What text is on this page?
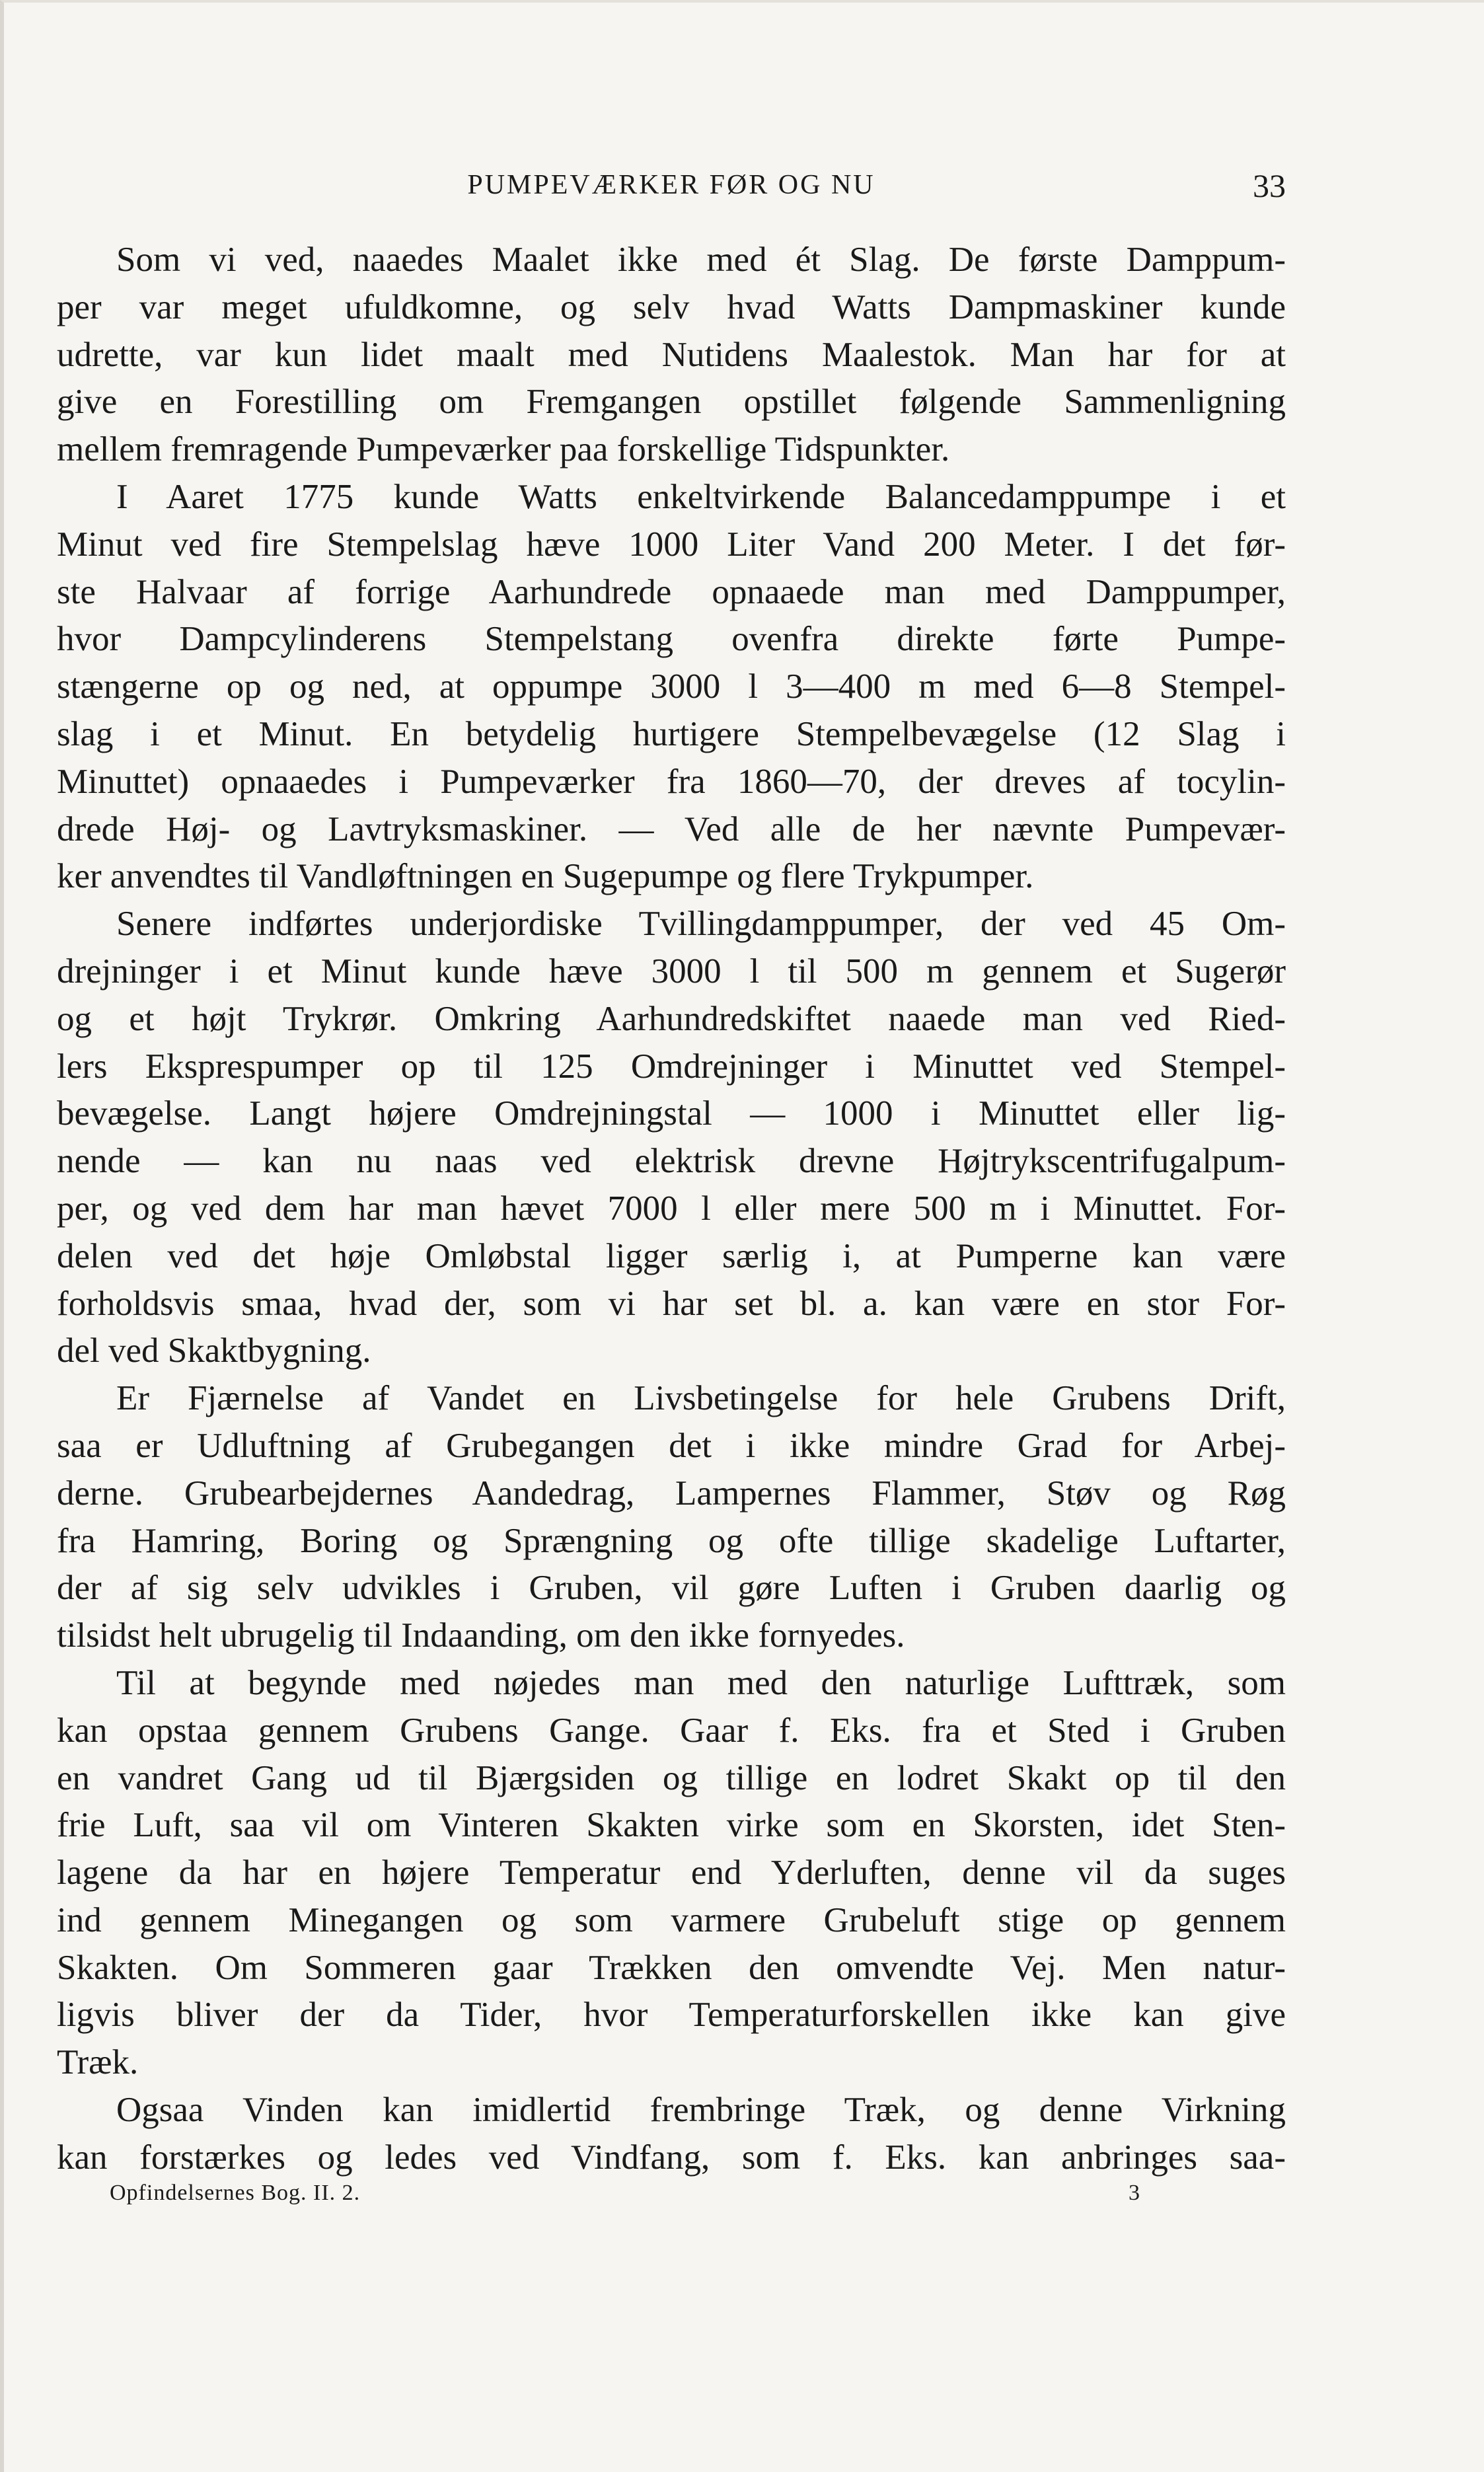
PUMPEVÆRKER FØR OG NU	33
Som vi ved, naaedes Maalet ikke med ét Slag. De første Damppum-
per var meget ufuldkomne, og selv hvad Watts Dampmaskiner kunde
udrette, var kun lidet maalt med Nutidens Maalestok. Man har for at
give en Forestilling om Fremgangen opstillet følgende Sammenligning
mellem fremragende Pumpeværker paa forskellige Tidspunkter.
I Aaret 1775 kunde Watts enkeltvirkende Balancedamppumpe i et
Minut ved fire Stempelslag hæve 1000 Liter Vand 200 Meter. I det før-
ste Halvaar af forrige Aarhundrede opnaaede man med Damppumper,
hvor Dampcylinderens Stempelstang ovenfra direkte førte Pumpe-
stængerne op og ned, at oppumpe 3000 l 3—400 m med 6—8 Stempel-
slag i et Minut. En betydelig hurtigere Stempelbevægelse (12 Slag i
Minuttet) opnaaedes i Pumpeværker fra 1860—70, der dreves af tocylin-
drede Høj- og Lavtryksmaskiner. — Ved alle de her nævnte Pumpevær-
ker anvendtes til Vandløftningen en Sugepumpe og flere Trykpumper.
Senere indførtes underjordiske Tvillingdamppumper, der ved 45 Om-
drejninger i et Minut kunde hæve 3000 l til 500 m gennem et Sugerør
og et højt Trykrør. Omkring Aarhundredskiftet naaede man ved Ried-
lers Eksprespumper op til 125 Omdrejninger i Minuttet ved Stempel-
bevægelse. Langt højere Omdrejningstal — 1000 i Minuttet eller lig-
nende — kan nu naas ved elektrisk drevne Højtrykscentrifugalpum-
per, og ved dem har man hævet 7000 l eller mere 500 m i Minuttet. For-
delen ved det høje Omløbstal ligger særlig i, at Pumperne kan være
forholdsvis smaa, hvad der, som vi har set bl. a. kan være en stor For-
del ved Skaktbygning.
Er Fjærnelse af Vandet en Livsbetingelse for hele Grubens Drift,
saa er Udluftning af Grubegangen det i ikke mindre Grad for Arbej-
derne. Grubearbejdernes Aandedrag, Lampernes Flammer, Støv og Røg
fra Hamring, Boring og Sprængning og ofte tillige skadelige Luftarter,
der af sig selv udvikles i Gruben, vil gøre Luften i Gruben daarlig og
tilsidst helt ubrugelig til Indaanding, om den ikke fornyedes.
Til at begynde med nøjedes man med den naturlige Lufttræk, som
kan opstaa gennem Grubens Gange. Gaar f. Eks. fra et Sted i Gruben
en vandret Gang ud til Bjærgsiden og tillige en lodret Skakt op til den
frie Luft, saa vil om Vinteren Skakten virke som en Skorsten, idet Sten-
lagene da har en højere Temperatur end Yderluften, denne vil da suges
ind gennem Minegangen og som varmere Grubeluft stige op gennem
Skakten. Om Sommeren gaar Trækken den omvendte Vej. Men natur-
ligvis bliver der da Tider, hvor Temperaturforskellen ikke kan give
Træk.
Ogsaa Vinden kan imidlertid frembringe Træk, og denne Virkning
kan forstærkes og ledes ved Vindfang, som f. Eks. kan anbringes saa-
Opfindelsernes Bog. II. 2.	3
